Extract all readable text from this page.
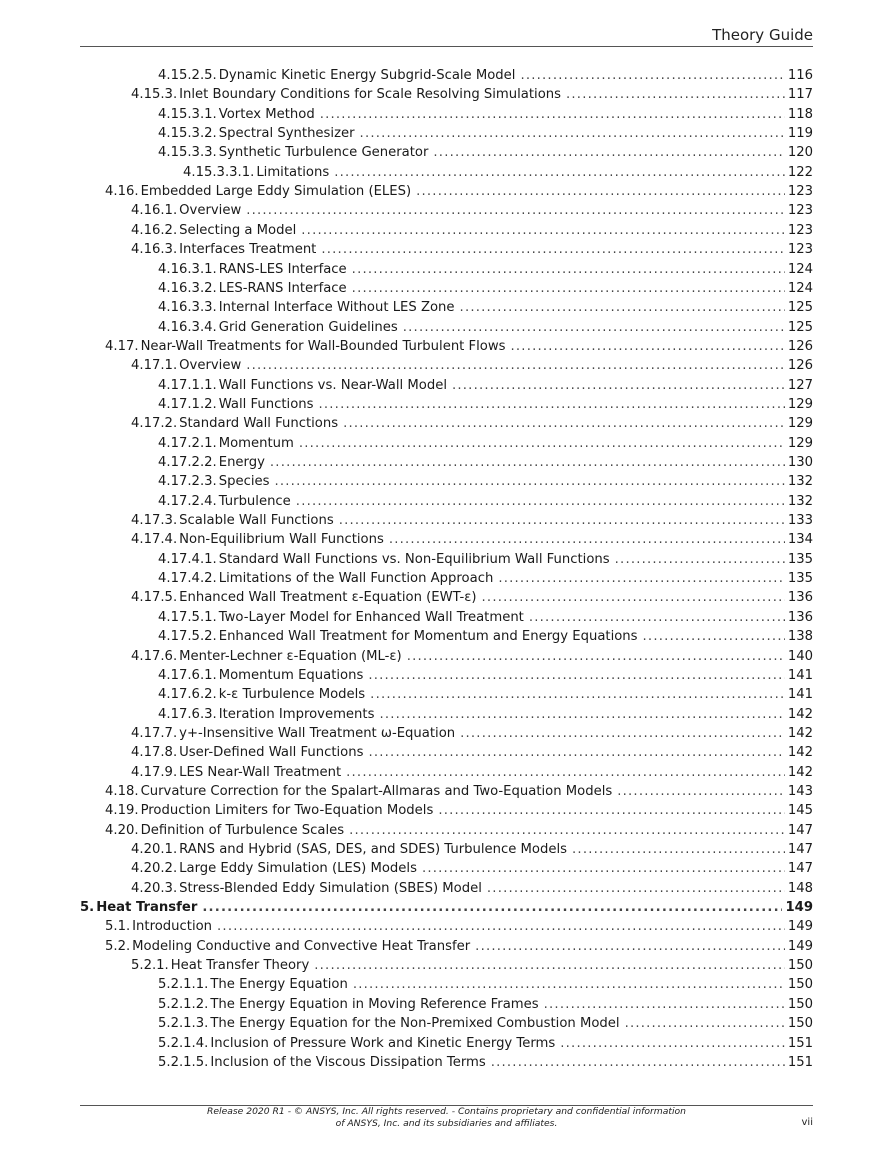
Theory Guide
4.15.2.5. Dynamic Kinetic Energy Subgrid-Scale Model .....	116
4.15.3. Inlet Boundary Conditions for Scale Resolving Simulations .....	117
4.15.3.1. Vortex Method .....	118
4.15.3.2. Spectral Synthesizer .....	119
4.15.3.3. Synthetic Turbulence Generator .....	120
4.15.3.3.1. Limitations .....	122
4.16. Embedded Large Eddy Simulation (ELES) .....	123
4.16.1. Overview .....	123
4.16.2. Selecting a Model .....	123
4.16.3. Interfaces Treatment .....	123
4.16.3.1. RANS-LES Interface .....	124
4.16.3.2. LES-RANS Interface .....	124
4.16.3.3. Internal Interface Without LES Zone .....	125
4.16.3.4. Grid Generation Guidelines .....	125
4.17. Near-Wall Treatments for Wall-Bounded Turbulent Flows .....	126
4.17.1. Overview .....	126
4.17.1.1. Wall Functions vs. Near-Wall Model .....	127
4.17.1.2. Wall Functions .....	129
4.17.2. Standard Wall Functions .....	129
4.17.2.1. Momentum .....	129
4.17.2.2. Energy .....	130
4.17.2.3. Species .....	132
4.17.2.4. Turbulence .....	132
4.17.3. Scalable Wall Functions .....	133
4.17.4. Non-Equilibrium Wall Functions .....	134
4.17.4.1. Standard Wall Functions vs. Non-Equilibrium Wall Functions .....	135
4.17.4.2. Limitations of the Wall Function Approach .....	135
4.17.5. Enhanced Wall Treatment ε-Equation (EWT-ε) .....	136
4.17.5.1. Two-Layer Model for Enhanced Wall Treatment .....	136
4.17.5.2. Enhanced Wall Treatment for Momentum and Energy Equations .....	138
4.17.6. Menter-Lechner ε-Equation (ML-ε) .....	140
4.17.6.1. Momentum Equations .....	141
4.17.6.2. k-ε Turbulence Models .....	141
4.17.6.3. Iteration Improvements .....	142
4.17.7. y+-Insensitive Wall Treatment ω-Equation .....	142
4.17.8. User-Defined Wall Functions .....	142
4.17.9. LES Near-Wall Treatment .....	142
4.18. Curvature Correction for the Spalart-Allmaras and Two-Equation Models .....	143
4.19. Production Limiters for Two-Equation Models .....	145
4.20. Definition of Turbulence Scales .....	147
4.20.1. RANS and Hybrid (SAS, DES, and SDES) Turbulence Models .....	147
4.20.2. Large Eddy Simulation (LES) Models .....	147
4.20.3. Stress-Blended Eddy Simulation (SBES) Model .....	148
5. Heat Transfer .....	149
5.1. Introduction .....	149
5.2. Modeling Conductive and Convective Heat Transfer .....	149
5.2.1. Heat Transfer Theory .....	150
5.2.1.1. The Energy Equation .....	150
5.2.1.2. The Energy Equation in Moving Reference Frames .....	150
5.2.1.3. The Energy Equation for the Non-Premixed Combustion Model .....	150
5.2.1.4. Inclusion of Pressure Work and Kinetic Energy Terms .....	151
5.2.1.5. Inclusion of the Viscous Dissipation Terms .....	151
Release 2020 R1 - © ANSYS, Inc. All rights reserved. - Contains proprietary and confidential information
of ANSYS, Inc. and its subsidiaries and affiliates.	vii
